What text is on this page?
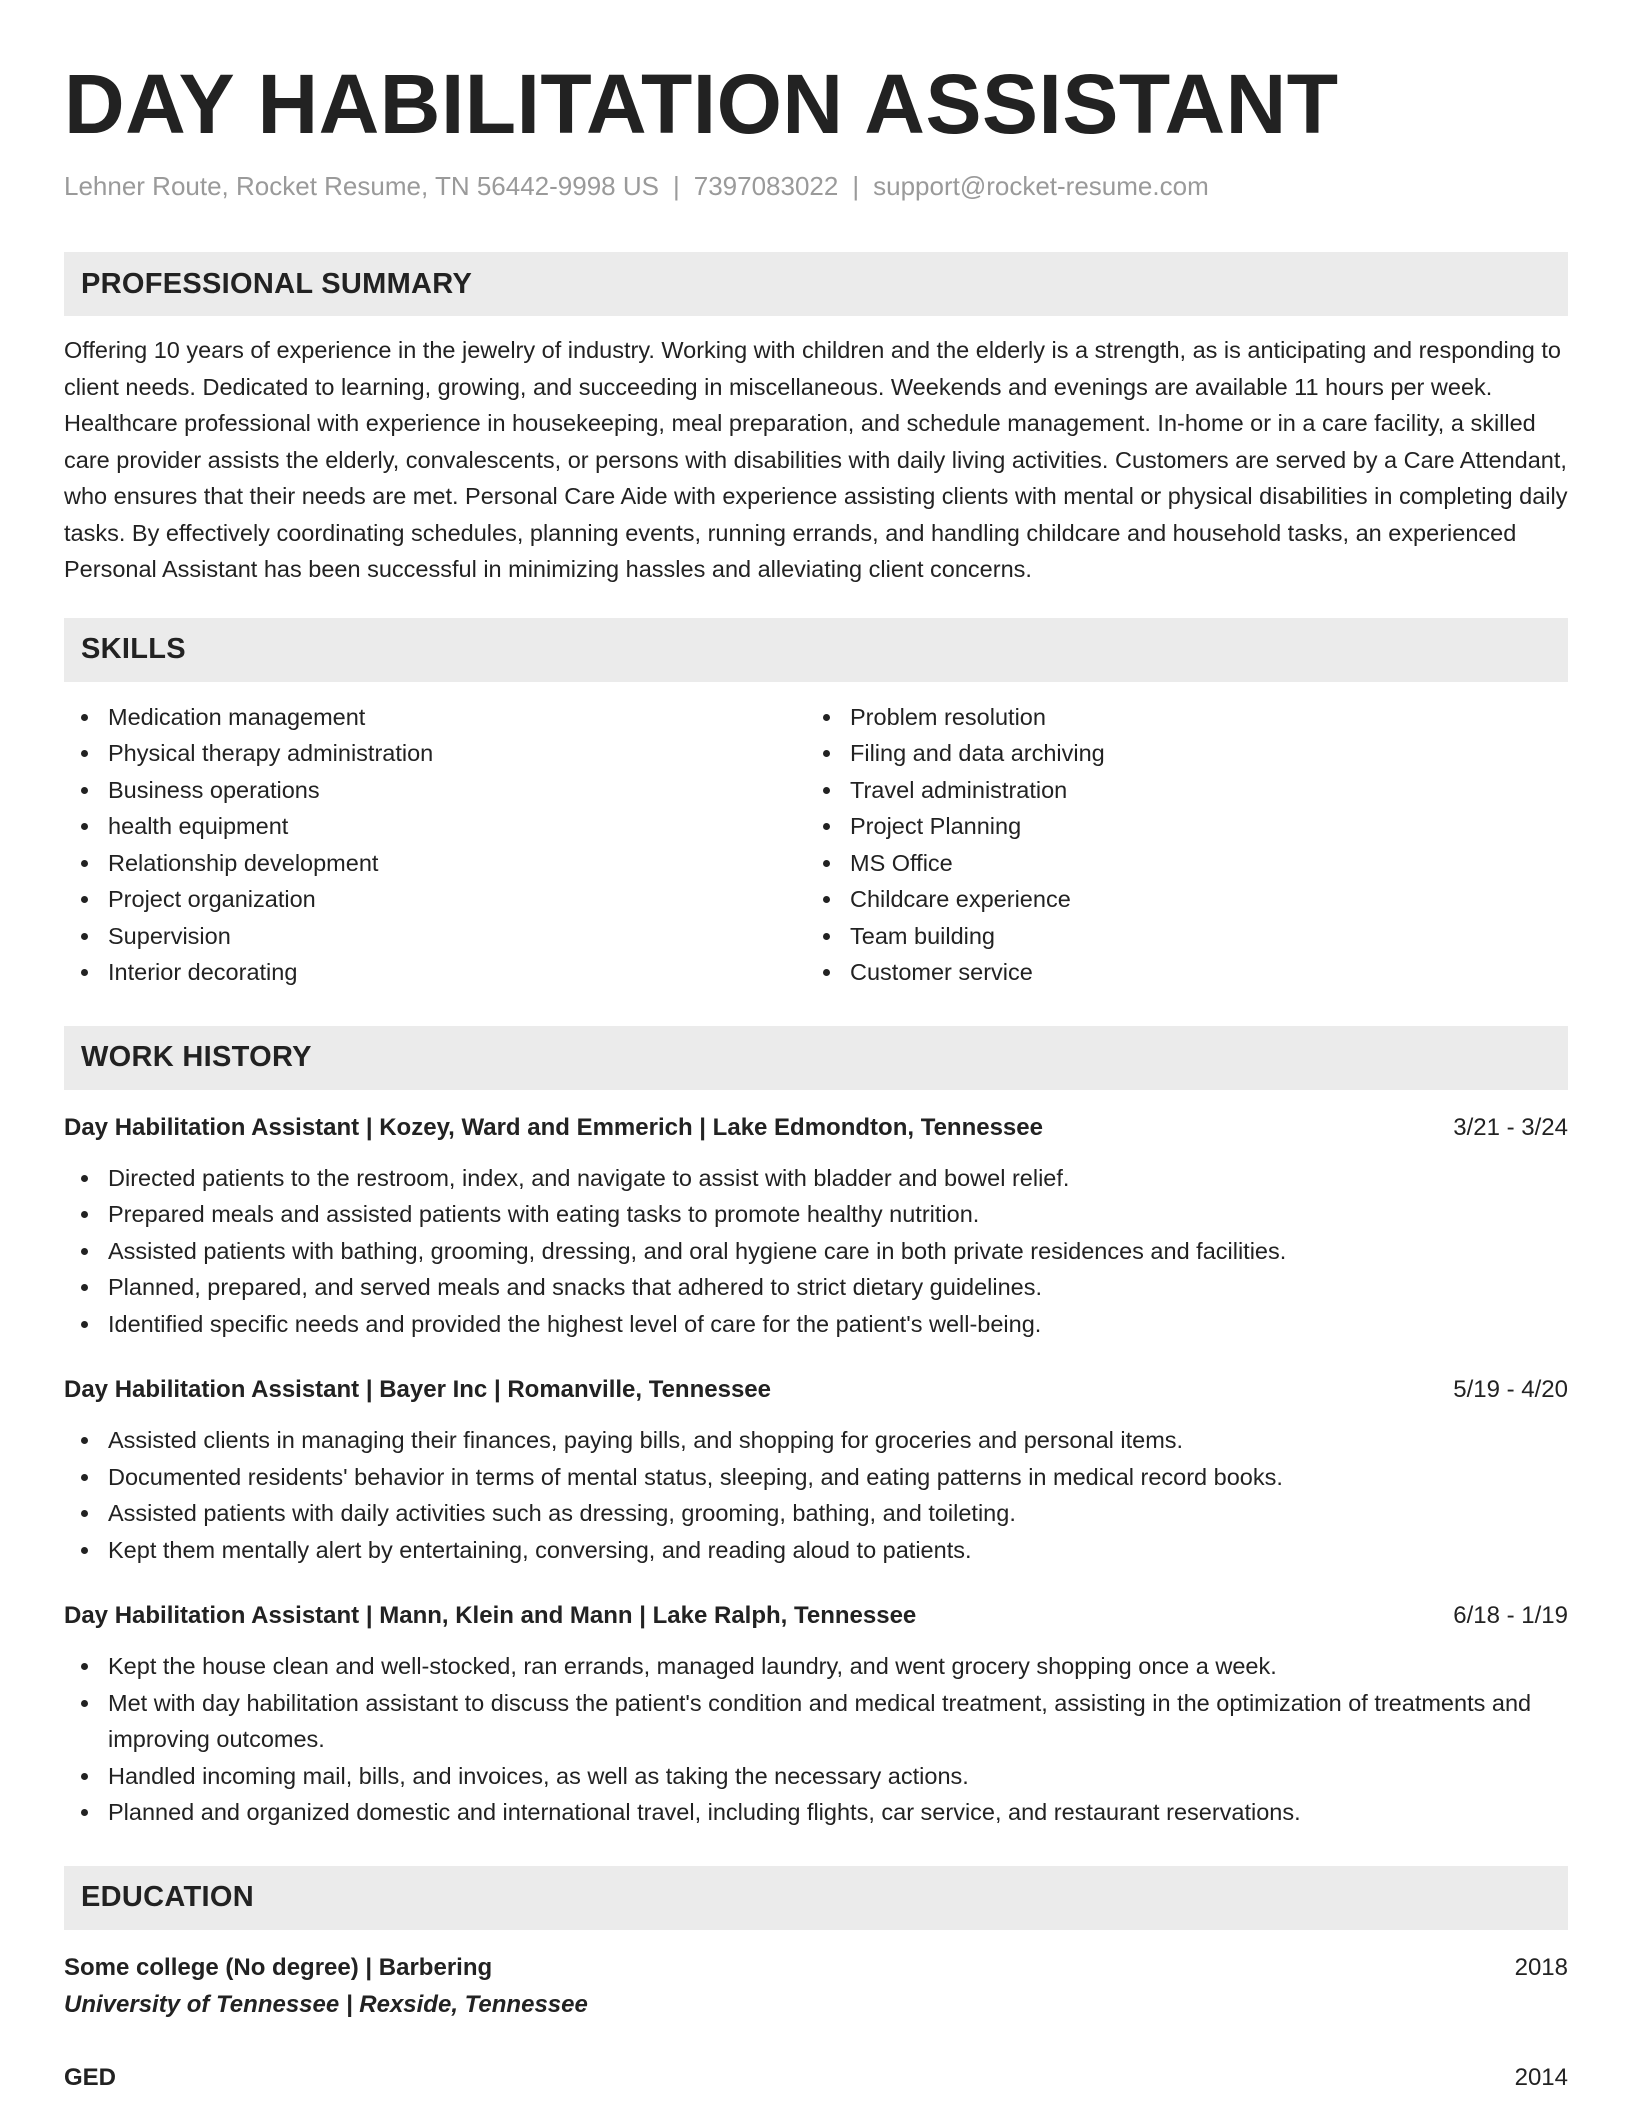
DAY HABILITATION ASSISTANT
Lehner Route, Rocket Resume, TN 56442-9998 US | 7397083022 | support@rocket-resume.com
PROFESSIONAL SUMMARY

Offering 10 years of experience in the jewelry of industry. Working with children and the elderly is a strength, as is anticipating and responding to client needs. Dedicated to learning, growing, and succeeding in miscellaneous. Weekends and evenings are available 11 hours per week. Healthcare professional with experience in housekeeping, meal preparation, and schedule management. In-home or in a care facility, a skilled care provider assists the elderly, convalescents, or persons with disabilities with daily living activities. Customers are served by a Care Attendant, who ensures that their needs are met. Personal Care Aide with experience assisting clients with mental or physical disabilities in completing daily tasks. By effectively coordinating schedules, planning events, running errands, and handling childcare and household tasks, an experienced Personal Assistant has been successful in minimizing hassles and alleviating client concerns.

SKILLS
Medication management
Physical therapy administration
Business operations
health equipment
Relationship development
Project organization
Supervision
Interior decorating
Problem resolution
Filing and data archiving
Travel administration
Project Planning
MS Office
Childcare experience
Team building
Customer service
WORK HISTORY
Day Habilitation Assistant | Kozey, Ward and Emmerich | Lake Edmondton, Tennessee	3/21 - 3/24
Directed patients to the restroom, index, and navigate to assist with bladder and bowel relief.
Prepared meals and assisted patients with eating tasks to promote healthy nutrition.
Assisted patients with bathing, grooming, dressing, and oral hygiene care in both private residences and facilities.
Planned, prepared, and served meals and snacks that adhered to strict dietary guidelines.
Identified specific needs and provided the highest level of care for the patient's well-being.
Day Habilitation Assistant | Bayer Inc | Romanville, Tennessee	5/19 - 4/20
Assisted clients in managing their finances, paying bills, and shopping for groceries and personal items.
Documented residents' behavior in terms of mental status, sleeping, and eating patterns in medical record books.
Assisted patients with daily activities such as dressing, grooming, bathing, and toileting.
Kept them mentally alert by entertaining, conversing, and reading aloud to patients.
Day Habilitation Assistant | Mann, Klein and Mann | Lake Ralph, Tennessee	6/18 - 1/19
Kept the house clean and well-stocked, ran errands, managed laundry, and went grocery shopping once a week.
Met with day habilitation assistant to discuss the patient's condition and medical treatment, assisting in the optimization of treatments and improving outcomes.
Handled incoming mail, bills, and invoices, as well as taking the necessary actions.
Planned and organized domestic and international travel, including flights, car service, and restaurant reservations.
EDUCATION
Some college (No degree) | Barbering	2018
University of Tennessee | Rexside, Tennessee
GED	2014
